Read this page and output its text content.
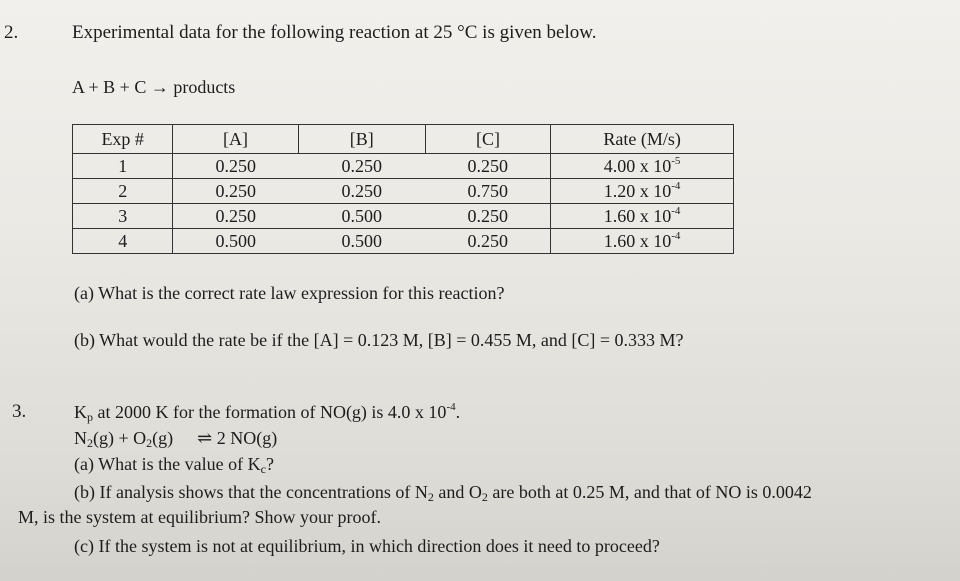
2.	Experimental data for the following reaction at 25 °C is given below.
A + B + C → products
Exp #	[A]	[B]	[C]	Rate (M/s)
1	0.250	0.250	0.250	4.00 x $10^{-5}$
2	0.250	0.250	0.750	1.20 x $10^{-4}$
3	0.250	0.500	0.250	1.60 x $10^{-4}$
4	0.500	0.500	0.250	1.60 x $10^{-4}$
(a) What is the correct rate law expression for this reaction?
(b) What would the rate be if the [A] = 0.123 M, [B] = 0.455 M, and [C] = 0.333 M?
3.	$K_p$ at 2000 K for the formation of NO(g) is 4.0 x $10^{-4}$.
$N_2(g) + O_2(g)$ ⇌ 2 NO(g)
(a) What is the value of $K_c$?
(b) If analysis shows that the concentrations of $N_2$ and $O_2$ are both at 0.25 M, and that of NO is 0.0042
M, is the system at equilibrium? Show your proof.
(c) If the system is not at equilibrium, in which direction does it need to proceed?
